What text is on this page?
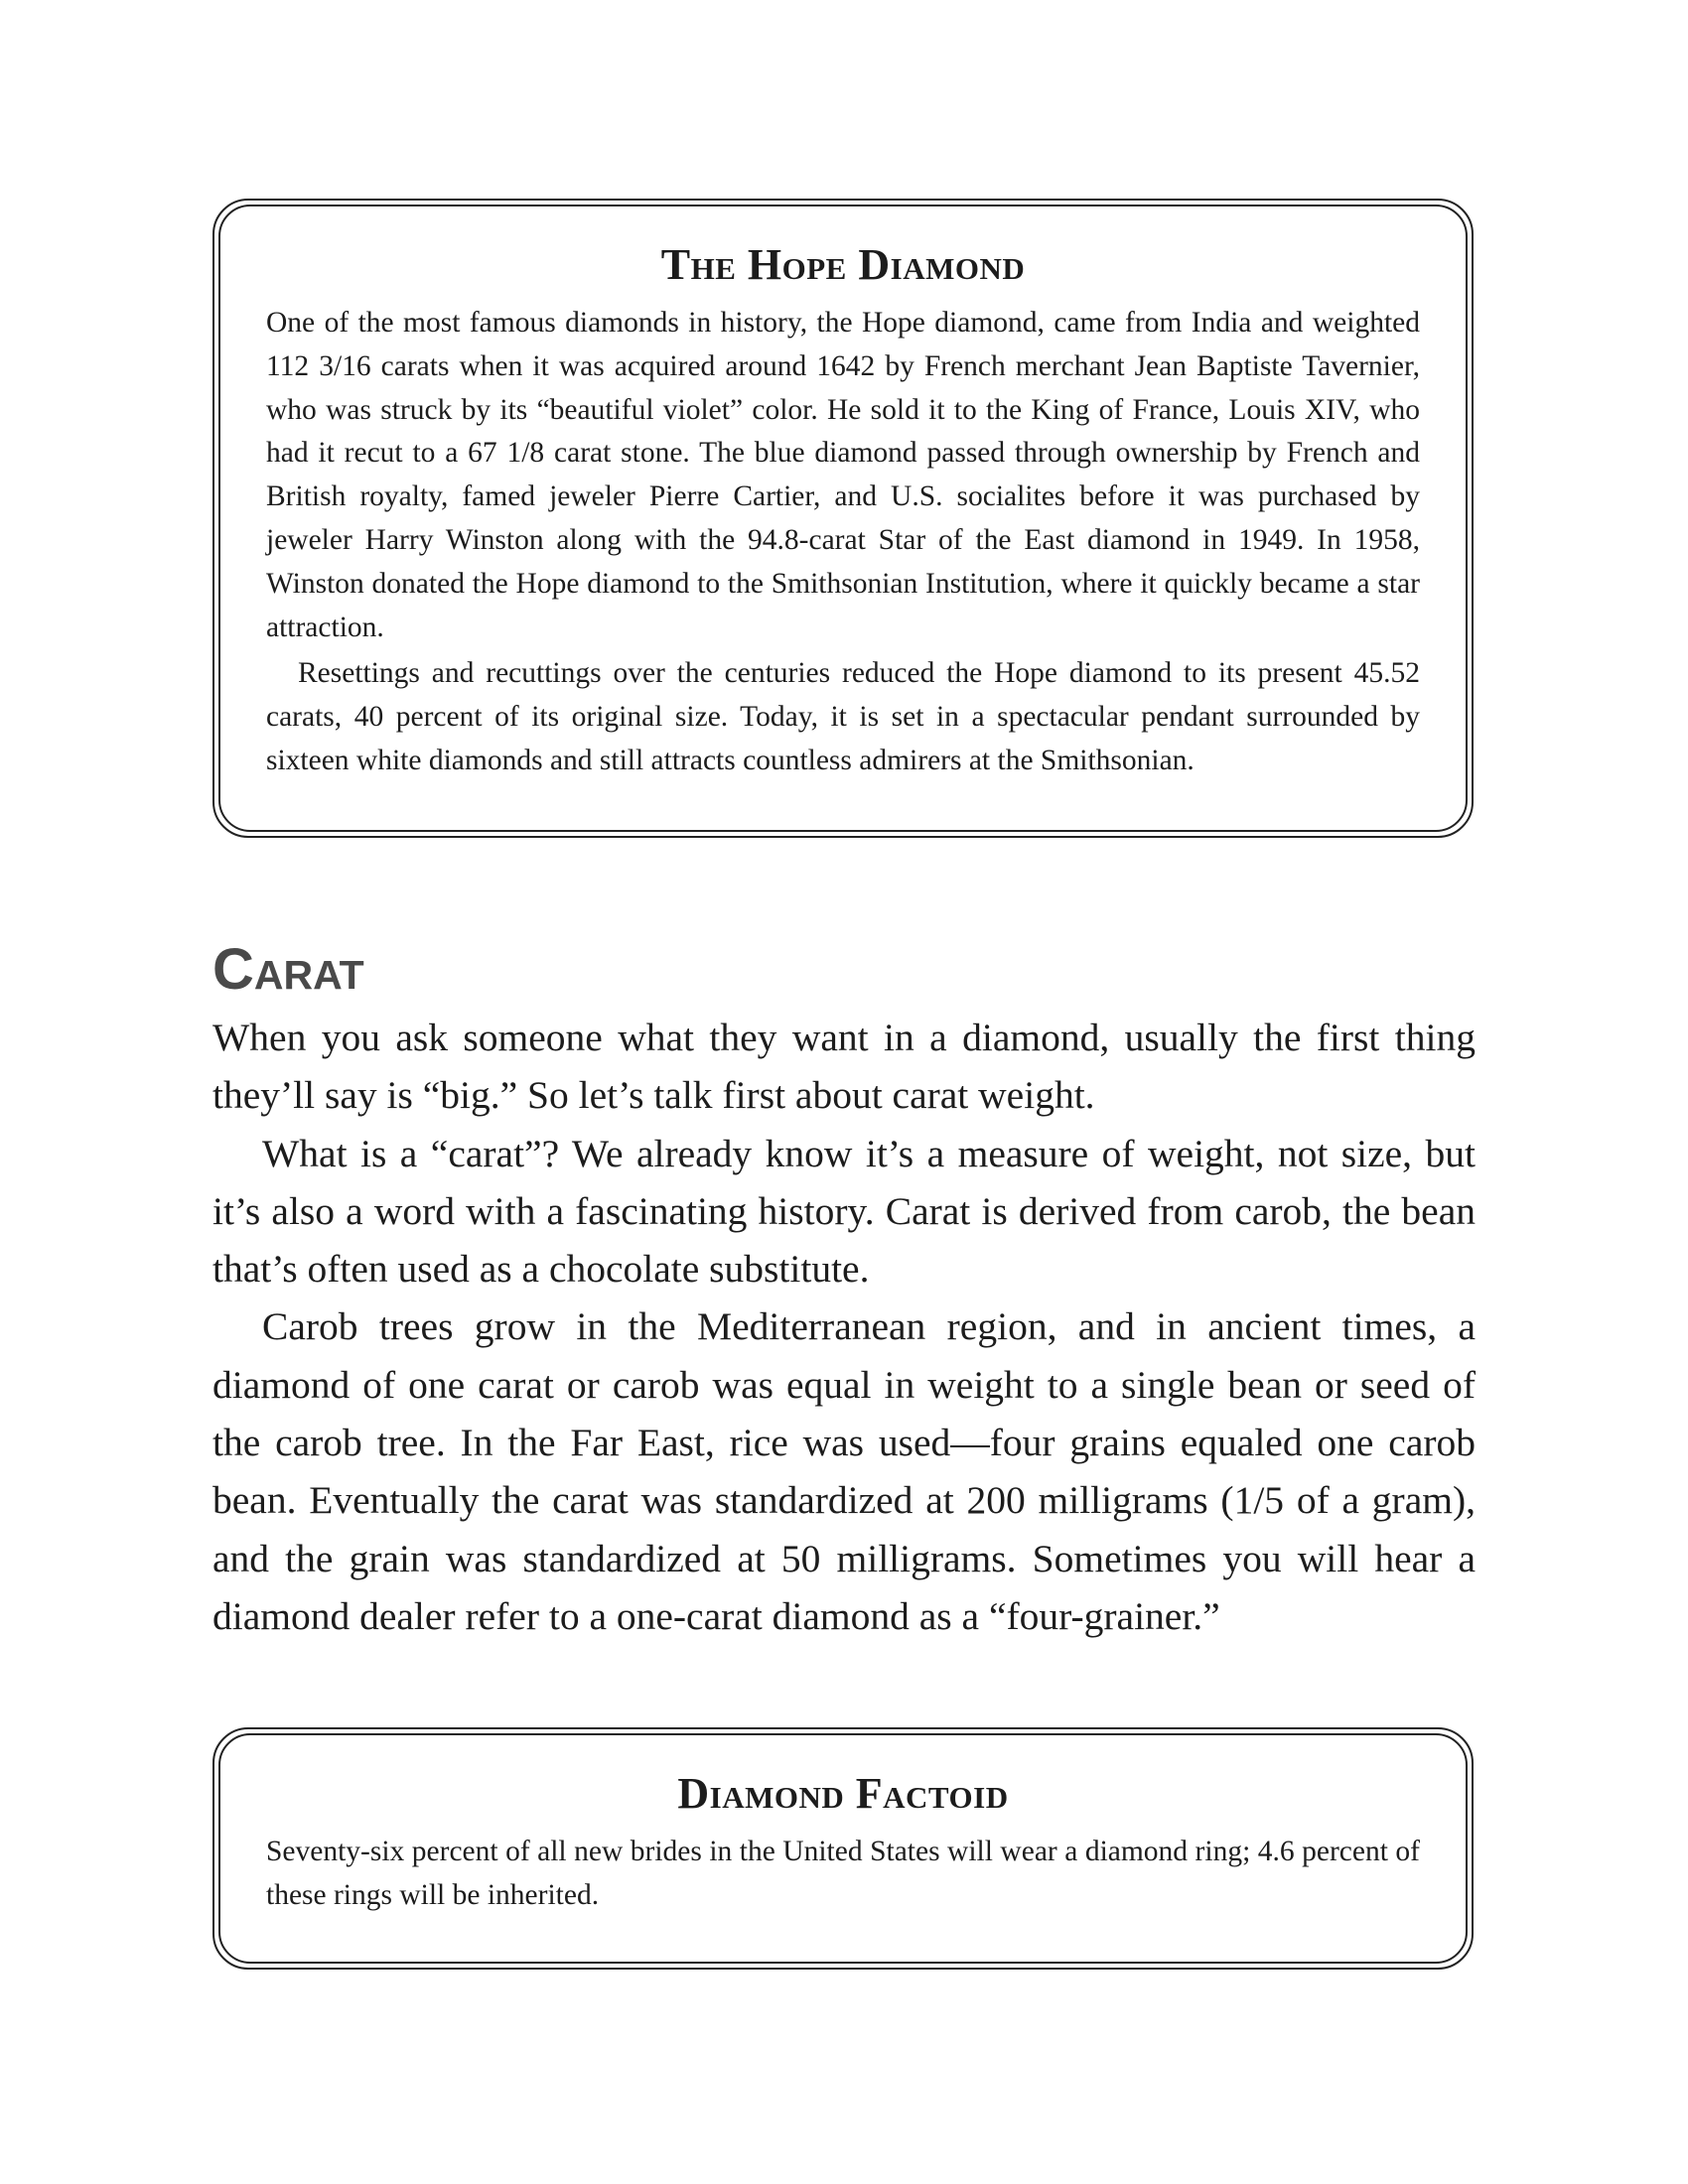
The Hope Diamond

One of the most famous diamonds in history, the Hope diamond, came from India and weighted 112 3/16 carats when it was acquired around 1642 by French merchant Jean Baptiste Tavernier, who was struck by its “beautiful violet” color. He sold it to the King of France, Louis XIV, who had it recut to a 67 1/8 carat stone. The blue diamond passed through ownership by French and British royalty, famed jeweler Pierre Cartier, and U.S. socialites before it was purchased by jeweler Harry Winston along with the 94.8-carat Star of the East diamond in 1949. In 1958, Winston donated the Hope diamond to the Smithsonian Institution, where it quickly became a star attraction.

Resettings and recuttings over the centuries reduced the Hope diamond to its present 45.52 carats, 40 percent of its original size. Today, it is set in a spectacular pendant surrounded by sixteen white diamonds and still attracts countless admirers at the Smithsonian.

Carat

When you ask someone what they want in a diamond, usually the first thing they’ll say is “big.” So let’s talk first about carat weight.

What is a “carat”? We already know it’s a measure of weight, not size, but it’s also a word with a fascinating history. Carat is derived from carob, the bean that’s often used as a chocolate substitute.

Carob trees grow in the Mediterranean region, and in ancient times, a diamond of one carat or carob was equal in weight to a single bean or seed of the carob tree. In the Far East, rice was used—four grains equaled one carob bean. Eventually the carat was standardized at 200 milligrams (1/5 of a gram), and the grain was standardized at 50 milligrams. Sometimes you will hear a diamond dealer refer to a one-carat diamond as a “four-grainer.”

Diamond Factoid

Seventy-six percent of all new brides in the United States will wear a diamond ring; 4.6 percent of these rings will be inherited.
